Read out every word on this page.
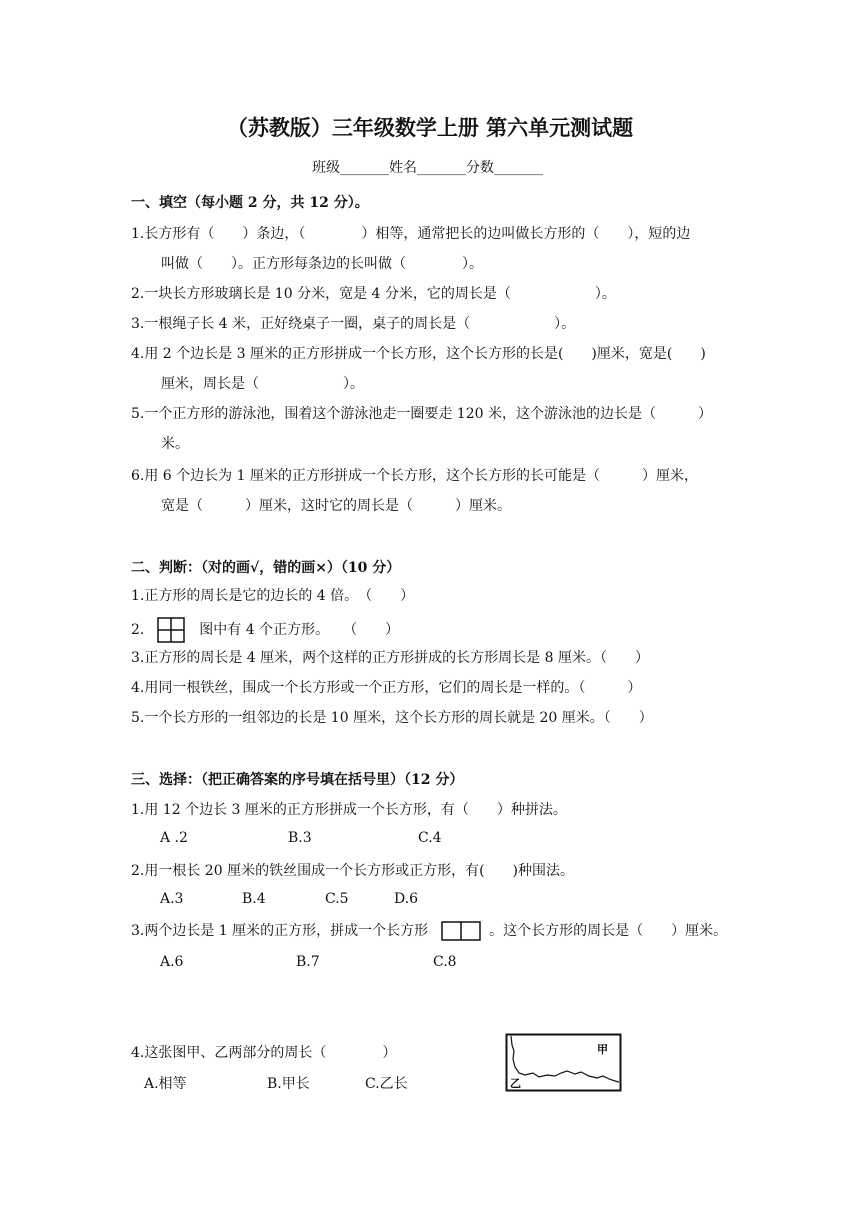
（苏教版）三年级数学上册 第六单元测试题
班级_______姓名_______分数_______
一、填空（每小题 2 分，共 12 分）。
1.长方形有（　　）条边，（　　　　）相等，通常把长的边叫做长方形的（　　），短的边
叫做（　　）。正方形每条边的长叫做（　　　　）。
2.一块长方形玻璃长是 10 分米，宽是 4 分米，它的周长是（　　　　　　）。
3.一根绳子长 4 米，正好绕桌子一圈，桌子的周长是（　　　　　　）。
4.用 2 个边长是 3 厘米的正方形拼成一个长方形，这个长方形的长是(　　)厘米，宽是(　　)
厘米，周长是（　　　　　　）。
5.一个正方形的游泳池，围着这个游泳池走一圈要走 120 米，这个游泳池的边长是（　　　）
米。
6.用 6 个边长为 1 厘米的正方形拼成一个长方形，这个长方形的长可能是（　　　）厘米，
宽是（　　　）厘米，这时它的周长是（　　　）厘米。
二、判断：（对的画√，错的画×）（10 分）
1.正方形的周长是它的边长的 4 倍。　（　　）
2.	图中有 4 个正方形。　　（　　）
3.正方形的周长是 4 厘米，两个这样的正方形拼成的长方形周长是 8 厘米。（　　）
4.用同一根铁丝，围成一个长方形或一个正方形，它们的周长是一样的。（　　　）
5.一个长方形的一组邻边的长是 10 厘米，这个长方形的周长就是 20 厘米。（　　）
三、选择：（把正确答案的序号填在括号里）（12 分）
1.用 12 个边长 3 厘米的正方形拼成一个长方形，有（　　）种拼法。
A .2	B.3	C.4
2.用一根长 20 厘米的铁丝围成一个长方形或正方形，有(　　)种围法。
A.3	B.4	C.5	D.6
3.两个边长是 1 厘米的正方形，拼成一个长方形	。这个长方形的周长是（　　）厘米。
A.6	B.7	C.8
4.这张图甲、乙两部分的周长（　　　　）
A.相等	B.甲长	C.乙长
甲
乙
